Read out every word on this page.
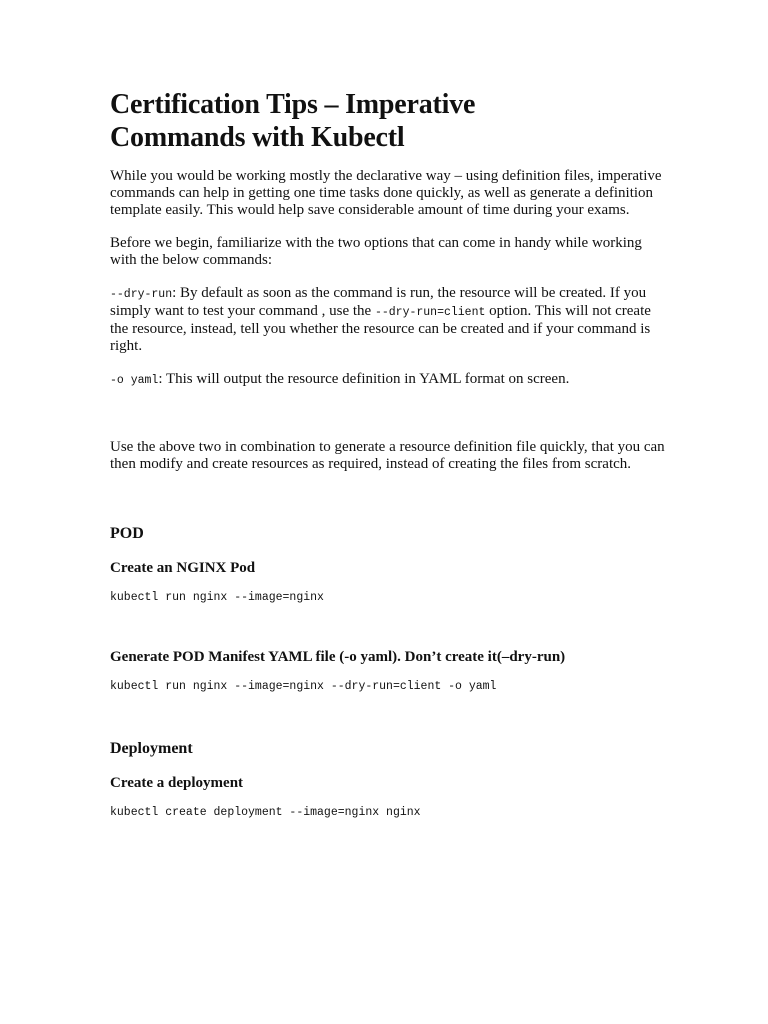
Certification Tips – Imperative
Commands with Kubectl

While you would be working mostly the declarative way – using definition files, imperative commands can help in getting one time tasks done quickly, as well as generate a definition template easily. This would help save considerable amount of time during your exams.

Before we begin, familiarize with the two options that can come in handy while working with the below commands:

--dry-run: By default as soon as the command is run, the resource will be created. If you simply want to test your command , use the --dry-run=client option. This will not create the resource, instead, tell you whether the resource can be created and if your command is right.

-o yaml: This will output the resource definition in YAML format on screen.

Use the above two in combination to generate a resource definition file quickly, that you can then modify and create resources as required, instead of creating the files from scratch.

POD
Create an NGINX Pod
kubectl run nginx --image=nginx
Generate POD Manifest YAML file (-o yaml). Don’t create it(–dry-run)
kubectl run nginx --image=nginx --dry-run=client -o yaml
Deployment
Create a deployment
kubectl create deployment --image=nginx nginx
